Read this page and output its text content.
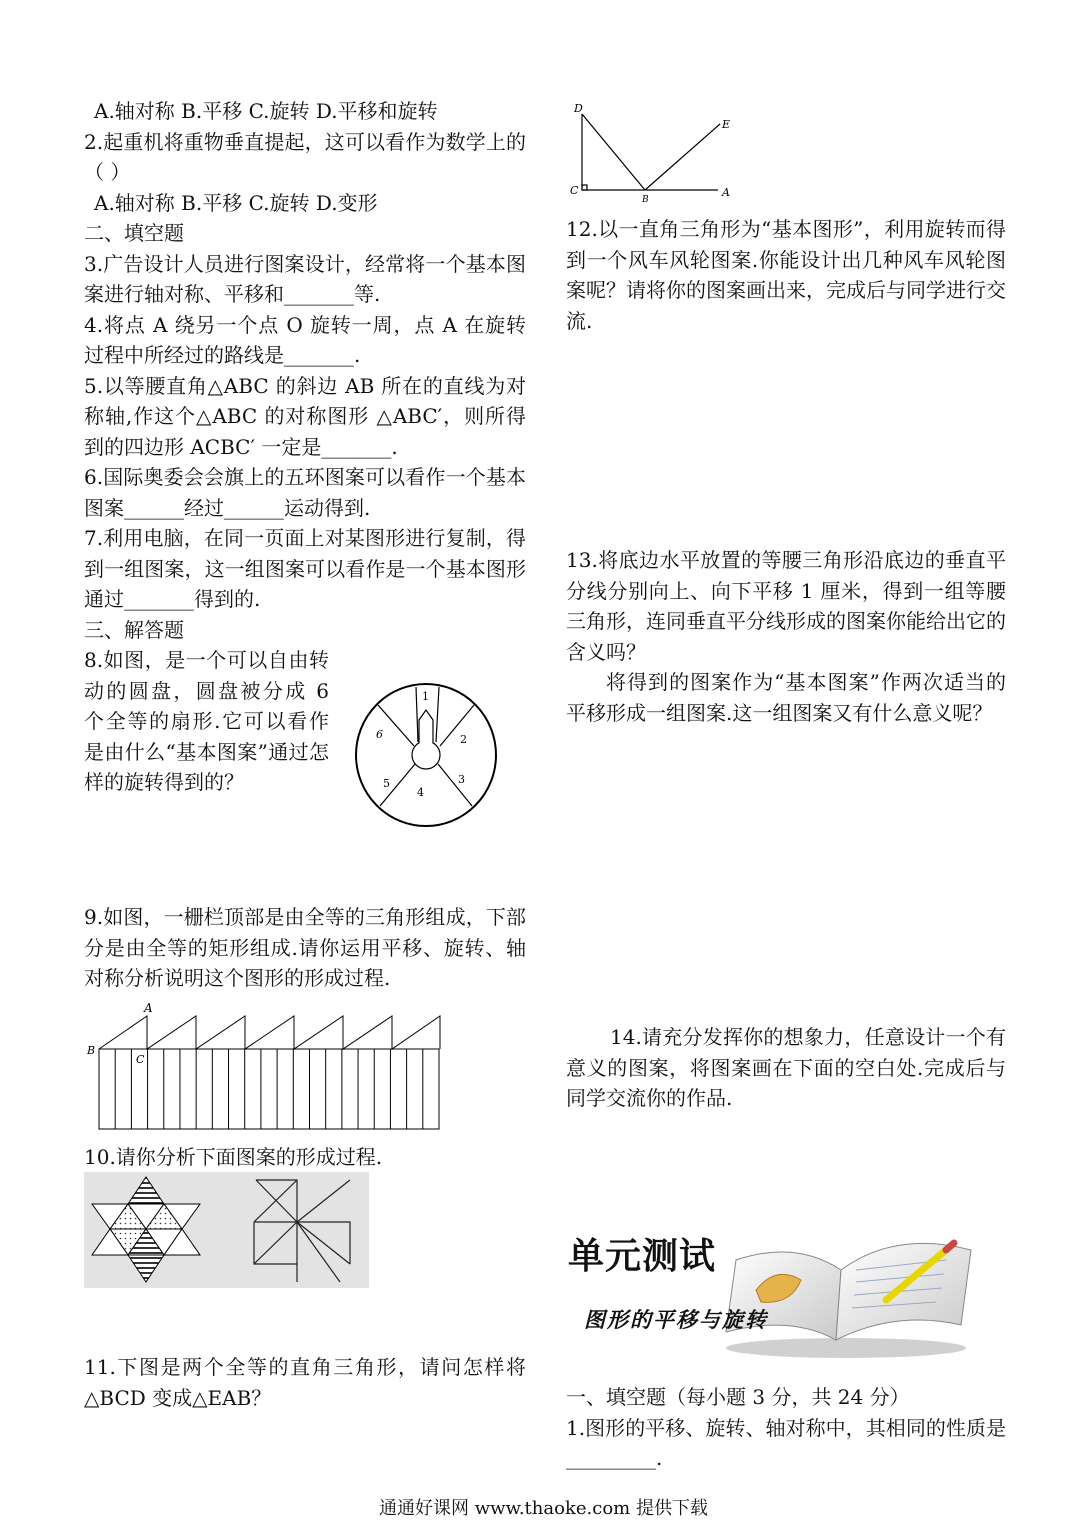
A.轴对称 B.平移 C.旋转 D.平移和旋转

2.起重机将重物垂直提起，这可以看作为数学上的（ ）

A.轴对称 B.平移 C.旋转 D.变形

二、填空题

3.广告设计人员进行图案设计，经常将一个基本图案进行轴对称、平移和_______等.

4.将点 A 绕另一个点 O 旋转一周，点 A 在旋转过程中所经过的路线是_______.

5.以等腰直角△ABC 的斜边 AB 所在的直线为对称轴,作这个△ABC 的对称图形 △ABC′，则所得到的四边形 ACBC′ 一定是_______.

6.国际奥委会会旗上的五环图案可以看作一个基本图案______经过______运动得到.

7.利用电脑，在同一页面上对某图形进行复制，得到一组图案，这一组图案可以看作是一个基本图形通过_______得到的.

三、解答题

8.如图，是一个可以自由转动的圆盘，圆盘被分成 6 个全等的扇形.它可以看作是由什么“基本图案”通过怎样的旋转得到的？

9.如图，一栅栏顶部是由全等的三角形组成，下部分是由全等的矩形组成.请你运用平移、旋转、轴对称分析说明这个图形的形成过程.

10.请你分析下面图案的形成过程.

11.下图是两个全等的直角三角形，请问怎样将△BCD 变成△EAB？

1
2
3
4
5
6
A
B
C
D
E
C
B
A

12.以一直角三角形为“基本图形”，利用旋转而得到一个风车风轮图案.你能设计出几种风车风轮图案呢？请将你的图案画出来，完成后与同学进行交流.

13.将底边水平放置的等腰三角形沿底边的垂直平分线分别向上、向下平移 1 厘米，得到一组等腰三角形，连同垂直平分线形成的图案你能给出它的含义吗？

将得到的图案作为“基本图案”作两次适当的平移形成一组图案.这一组图案又有什么意义呢？

14.请充分发挥你的想象力，任意设计一个有意义的图案，将图案画在下面的空白处.完成后与同学交流你的作品.

单元测试
图形的平移与旋转

一、填空题（每小题 3 分，共 24 分）

1.图形的平移、旋转、轴对称中，其相同的性质是_________.

通通好课网 www.thaoke.com 提供下载
